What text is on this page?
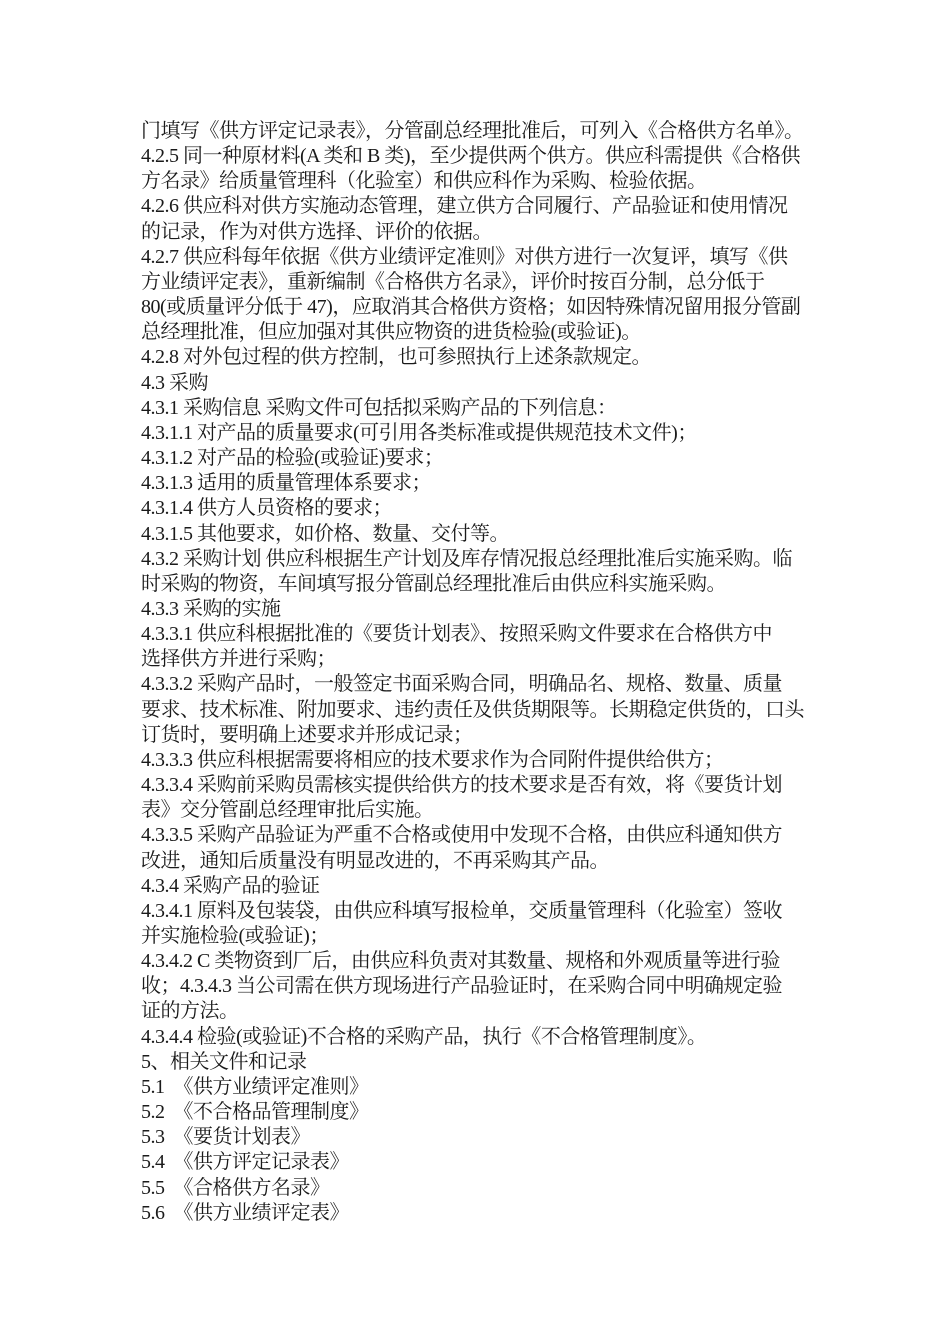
门填写《供方评定记录表》，分管副总经理批准后，可列入《合格供方名单》。
4.2.5 同一种原材料(A 类和 B 类)，至少提供两个供方。供应科需提供《合格供
方名录》给质量管理科（化验室）和供应科作为采购、检验依据。
4.2.6 供应科对供方实施动态管理，建立供方合同履行、产品验证和使用情况
的记录，作为对供方选择、评价的依据。
4.2.7 供应科每年依据《供方业绩评定准则》对供方进行一次复评，填写《供
方业绩评定表》，重新编制《合格供方名录》，评价时按百分制，总分低于
80(或质量评分低于 47)，应取消其合格供方资格；如因特殊情况留用报分管副
总经理批准，但应加强对其供应物资的进货检验(或验证)。
4.2.8 对外包过程的供方控制，也可参照执行上述条款规定。
4.3 采购
4.3.1 采购信息 采购文件可包括拟采购产品的下列信息：
4.3.1.1 对产品的质量要求(可引用各类标准或提供规范技术文件)；
4.3.1.2 对产品的检验(或验证)要求；
4.3.1.3 适用的质量管理体系要求；
4.3.1.4 供方人员资格的要求；
4.3.1.5 其他要求，如价格、数量、交付等。
4.3.2 采购计划 供应科根据生产计划及库存情况报总经理批准后实施采购。临
时采购的物资，车间填写报分管副总经理批准后由供应科实施采购。
4.3.3 采购的实施
4.3.3.1 供应科根据批准的《要货计划表》、按照采购文件要求在合格供方中
选择供方并进行采购；
4.3.3.2 采购产品时，一般签定书面采购合同，明确品名、规格、数量、质量
要求、技术标准、附加要求、违约责任及供货期限等。长期稳定供货的，口头
订货时，要明确上述要求并形成记录；
4.3.3.3 供应科根据需要将相应的技术要求作为合同附件提供给供方；
4.3.3.4 采购前采购员需核实提供给供方的技术要求是否有效，将《要货计划
表》交分管副总经理审批后实施。
4.3.3.5 采购产品验证为严重不合格或使用中发现不合格，由供应科通知供方
改进，通知后质量没有明显改进的，不再采购其产品。
4.3.4 采购产品的验证
4.3.4.1 原料及包装袋，由供应科填写报检单，交质量管理科（化验室）签收
并实施检验(或验证)；
4.3.4.2 C 类物资到厂后，由供应科负责对其数量、规格和外观质量等进行验
收；4.3.4.3 当公司需在供方现场进行产品验证时，在采购合同中明确规定验
证的方法。
4.3.4.4 检验(或验证)不合格的采购产品，执行《不合格管理制度》。
5、相关文件和记录
5.1  《供方业绩评定准则》
5.2  《不合格品管理制度》
5.3  《要货计划表》
5.4  《供方评定记录表》
5.5  《合格供方名录》
5.6  《供方业绩评定表》
